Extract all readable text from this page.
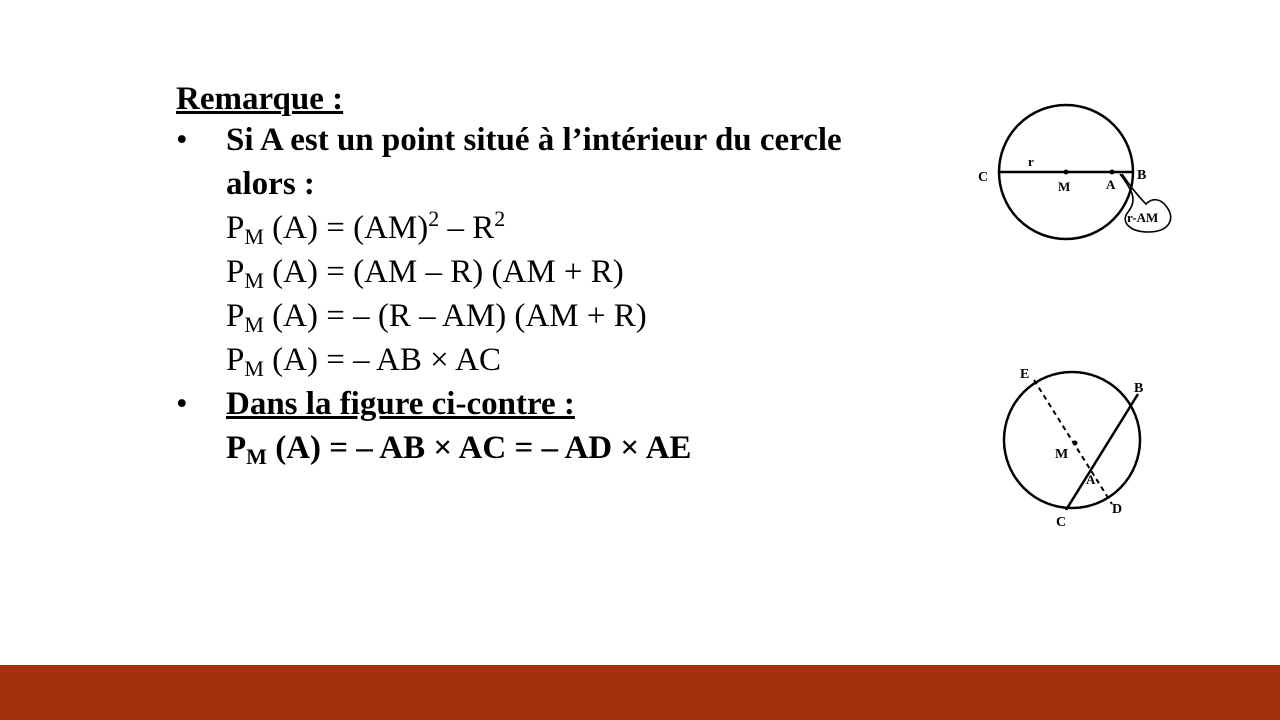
Remarque :

• Si A est un point situé à l’intérieur du cercle
alors :
$P_M$ $(A) = (AM)^2 - R^2$
$P_M$ (A) = (AM – R) (AM + R)
$P_M$ (A) = – (R – AM) (AM + R)
$P_M$ (A) = – AB × AC
• Dans la figure ci-contre :
$P_M$ (A) = – AB × AC = – AD × AE
C
r
M	A
B
r-AM
E
B
M
A
C
D
